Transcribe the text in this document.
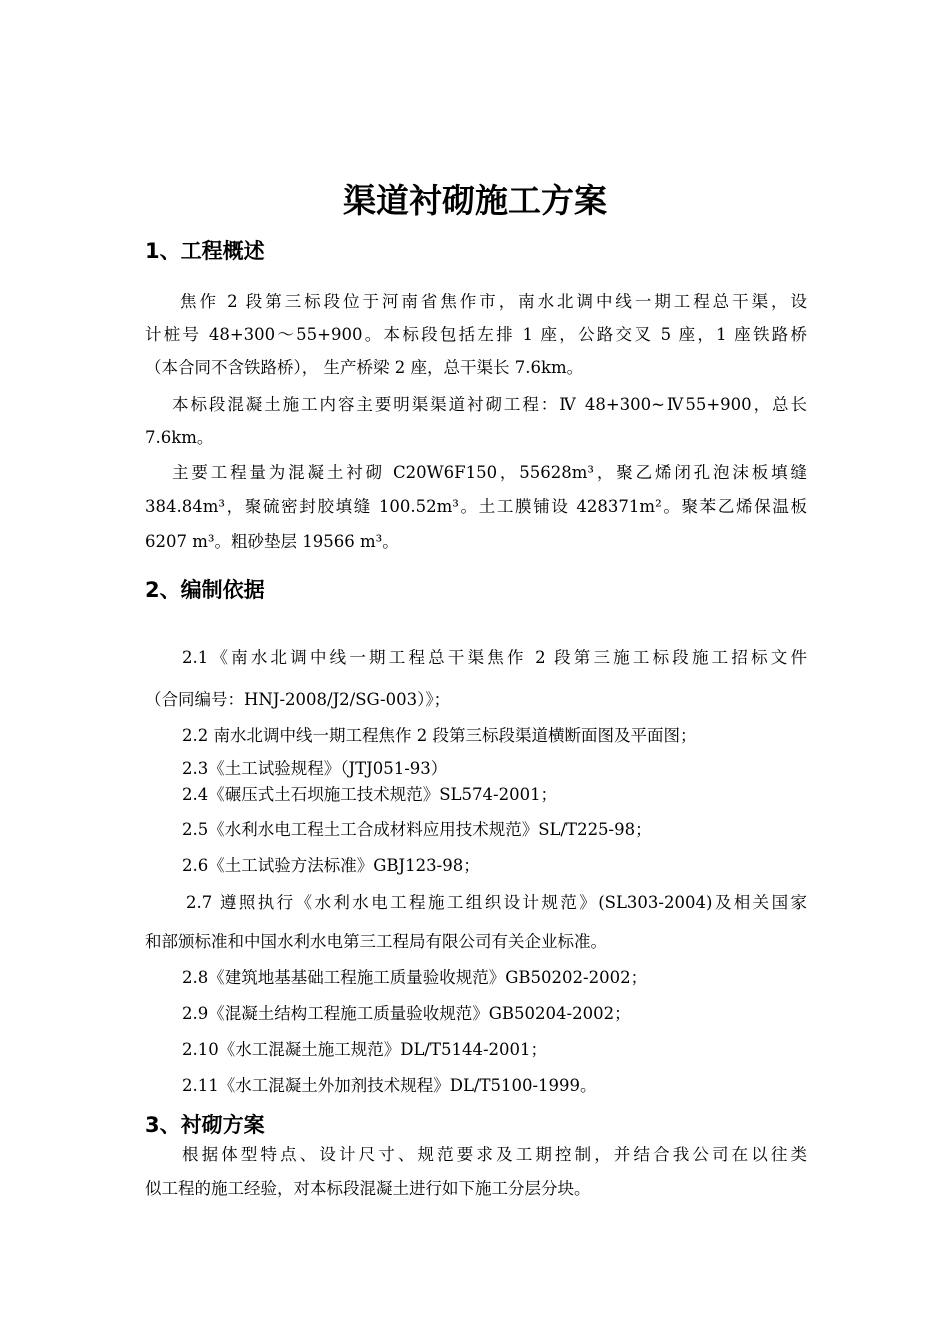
渠道衬砌施工方案
1、工程概述
焦作 2 段第三标段位于河南省焦作市，南水北调中线一期工程总干渠，设
计桩号 48+300～55+900。本标段包括左排 1 座，公路交叉 5 座，1 座铁路桥
（本合同不含铁路桥）， 生产桥梁 2 座，总干渠长 7.6km。
本标段混凝土施工内容主要明渠渠道衬砌工程：Ⅳ 48+300~Ⅳ55+900，总长
7.6km。
主要工程量为混凝土衬砌 C20W6F150，55628m³，聚乙烯闭孔泡沫板填缝
384.84m³，聚硫密封胶填缝 100.52m³。土工膜铺设 428371m²。聚苯乙烯保温板
6207 m³。粗砂垫层 19566 m³。
2、编制依据
2.1《南水北调中线一期工程总干渠焦作 2 段第三施工标段施工招标文件
（合同编号：HNJ-2008/J2/SG-003）》；
2.2 南水北调中线一期工程焦作 2 段第三标段渠道横断面图及平面图；
2.3《土工试验规程》（JTJ051-93）
2.4《碾压式土石坝施工技术规范》SL574-2001；
2.5《水利水电工程土工合成材料应用技术规范》SL/T225-98；
2.6《土工试验方法标准》GBJ123-98；
2.7 遵照执行《水利水电工程施工组织设计规范》(SL303-2004)及相关国家
和部颁标准和中国水利水电第三工程局有限公司有关企业标准。
2.8《建筑地基基础工程施工质量验收规范》GB50202-2002；
2.9《混凝土结构工程施工质量验收规范》GB50204-2002；
2.10《水工混凝土施工规范》DL/T5144-2001；
2.11《水工混凝土外加剂技术规程》DL/T5100-1999。
3、衬砌方案
根据体型特点、设计尺寸、规范要求及工期控制，并结合我公司在以往类
似工程的施工经验，对本标段混凝土进行如下施工分层分块。
